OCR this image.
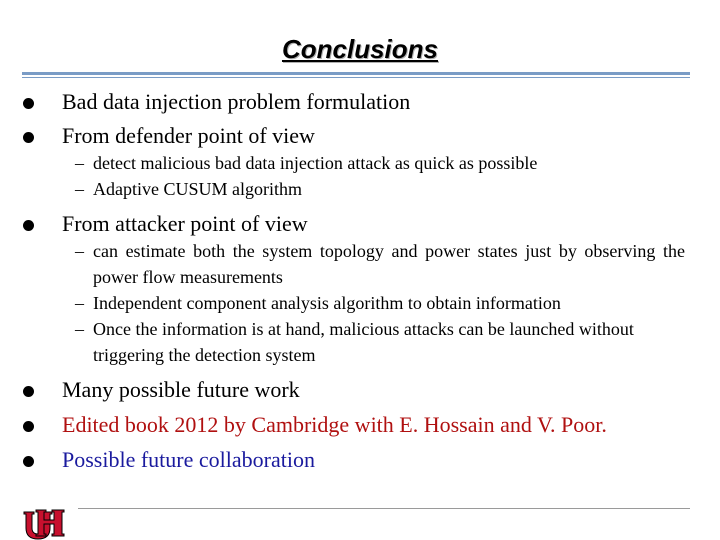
Conclusions
Bad data injection problem formulation
From defender point of view
– detect malicious bad data injection attack as quick as possible
– Adaptive CUSUM algorithm
From attacker point of view
– can estimate both the system topology and power states just by observing the power flow measurements
– Independent component analysis algorithm to obtain information
– Once the information is at hand, malicious attacks can be launched without triggering the detection system
Many possible future work
Edited book 2012 by Cambridge with E. Hossain and V. Poor.
Possible future collaboration
